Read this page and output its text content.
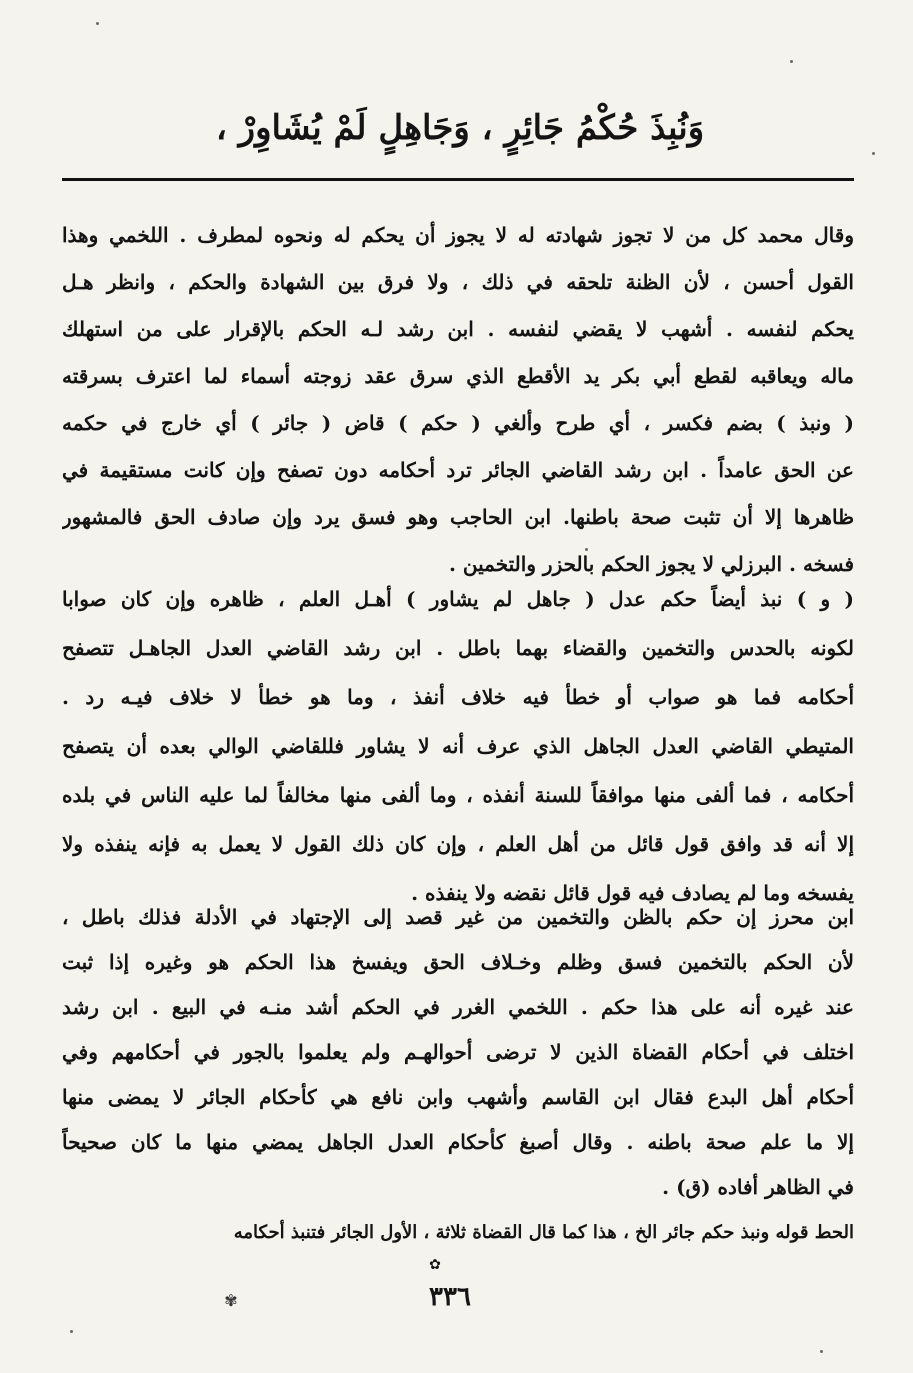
وَنُبِذَ حُكْمُ جَائِرٍ ، وَجَاهِلٍ لَمْ يُشَاوِرْ ،
وقال محمد كل من لا تجوز شهادته له لا يجوز أن يحكم له ونحوه لمطرف . اللخمي وهذا
القول أحسن ، لأن الظنة تلحقه في ذلك ، ولا فرق بين الشهادة والحكم ، وانظر هـل
يحكم لنفسه . أشهب لا يقضي لنفسه . ابن رشد لـه الحكم بالإقرار على من استهلك
ماله ويعاقبه لقطع أبي بكر يد الأقطع الذي سرق عقد زوجته أسماء لما اعترف بسرقته
( ونبذ ) بضم فكسر ، أي طرح وألغي ( حكم ) قاض ( جائر ) أي خارج في حكمه
عن الحق عامداً . ابن رشد القاضي الجائر ترد أحكامه دون تصفح وإن كانت مستقيمة في
ظاهرها إلا أن تثبت صحة باطنها. ابن الحاجب وهو فسق يرد وإن صادف الحق فالمشهور
فسخه . البرزلي لا يجوز الحكم بالحزر والتخمين .
( و ) نبذ أيضاً حكم عدل ( جاهل لم يشاور ) أهـل العلم ، ظاهره وإن كان صوابا
لكونه بالحدس والتخمين والقضاء بهما باطل . ابن رشد القاضي العدل الجاهـل تتصفح
أحكامه فما هو صواب أو خطأ فيه خلاف أنفذ ، وما هو خطأ لا خلاف فيـه رد .
المتيطي القاضي العدل الجاهل الذي عرف أنه لا يشاور فللقاضي الوالي بعده أن يتصفح
أحكامه ، فما ألفى منها موافقاً للسنة أنفذه ، وما ألفى منها مخالفاً لما عليه الناس في بلده
إلا أنه قد وافق قول قائل من أهل العلم ، وإن كان ذلك القول لا يعمل به فإنه ينفذه ولا
يفسخه وما لم يصادف فيه قول قائل نقضه ولا ينفذه .
ابن محرز إن حكم بالظن والتخمين من غير قصد إلى الإجتهاد في الأدلة فذلك باطل ،
لأن الحكم بالتخمين فسق وظلم وخـلاف الحق ويفسخ هذا الحكم هو وغيره إذا ثبت
عند غيره أنه على هذا حكم . اللخمي الغرر في الحكم أشد منـه في البيع . ابن رشد
اختلف في أحكام القضاة الذين لا ترضى أحوالهـم ولم يعلموا بالجور في أحكامهم وفي
أحكام أهل البدع فقال ابن القاسم وأشهب وابن نافع هي كأحكام الجائر لا يمضى منها
إلا ما علم صحة باطنه . وقال أصبغ كأحكام العدل الجاهل يمضي منها ما كان صحيحاً
في الظاهر أفاده (ق) .
الحط قوله ونبذ حكم جائر الخ ، هذا كما قال القضاة ثلاثة ، الأول الجائر فتنبذ أحكامه
✿
٣٣٦
✾
